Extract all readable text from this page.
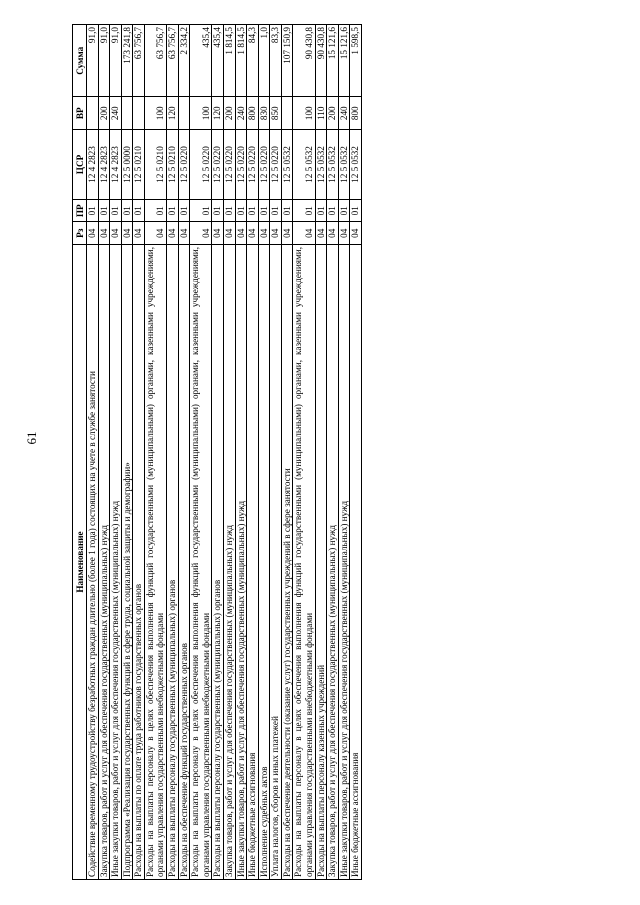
61
Наименование	Рз	ПР	ЦСР	ВР	Сумма
Содействие временному трудоустройству безработных граждан длительно (более 1 года) состоящих на учете в службе занятости	04	01	12 4 2823		91,0
Закупка товаров, работ и услуг для обеспечения государственных (муниципальных) нужд	04	01	12 4 2823	200	91,0
Иные закупки товаров, работ и услуг для обеспечения государственных (муниципальных) нужд	04	01	12 4 2823	240	91,0
Подпрограмма «Реализация государственных функций в сфере труда, социальной защиты и демографии»	04	01	12 5 0000		173 241,8
Расходы на выплаты по оплате труда работников государственных органов	04	01	12 5 0210		63 756,7
Расходы на выплаты персоналу в целях обеспечения выполнения функций государственными (муниципальными) органами, казенными учреждениями, органами управления государственными внебюджетными фондами	04	01	12 5 0210	100	63 756,7
Расходы на выплаты персоналу государственных (муниципальных) органов	04	01	12 5 0210	120	63 756,7
Расходы на обеспечение функций государственных органов	04	01	12 5 0220		2 334,2
Расходы на выплаты персоналу в целях обеспечения выполнения функций государственными (муниципальными) органами, казенными учреждениями, органами управления государственными внебюджетными фондами	04	01	12 5 0220	100	435,4
Расходы на выплаты персоналу государственных (муниципальных) органов	04	01	12 5 0220	120	435,4
Закупка товаров, работ и услуг для обеспечения государственных (муниципальных) нужд	04	01	12 5 0220	200	1 814,5
Иные закупки товаров, работ и услуг для обеспечения государственных (муниципальных) нужд	04	01	12 5 0220	240	1 814,5
Иные бюджетные ассигнования	04	01	12 5 0220	800	84,3
Исполнение судебных актов	04	01	12 5 0220	830	1,0
Уплата налогов, сборов и иных платежей	04	01	12 5 0220	850	83,3
Расходы на обеспечение деятельности (оказание услуг) государственных учреждений в сфере занятости	04	01	12 5 0532		107 150,9
Расходы на выплаты персоналу в целях обеспечения выполнения функций государственными (муниципальными) органами, казенными учреждениями, органами управления государственными внебюджетными фондами	04	01	12 5 0532	100	90 430,8
Расходы на выплаты персоналу казенных учреждений	04	01	12 5 0532	110	90 430,8
Закупка товаров, работ и услуг для обеспечения государственных (муниципальных) нужд	04	01	12 5 0532	200	15 121,6
Иные закупки товаров, работ и услуг для обеспечения государственных (муниципальных) нужд	04	01	12 5 0532	240	15 121,6
Иные бюджетные ассигнования	04	01	12 5 0532	800	1 598,5
